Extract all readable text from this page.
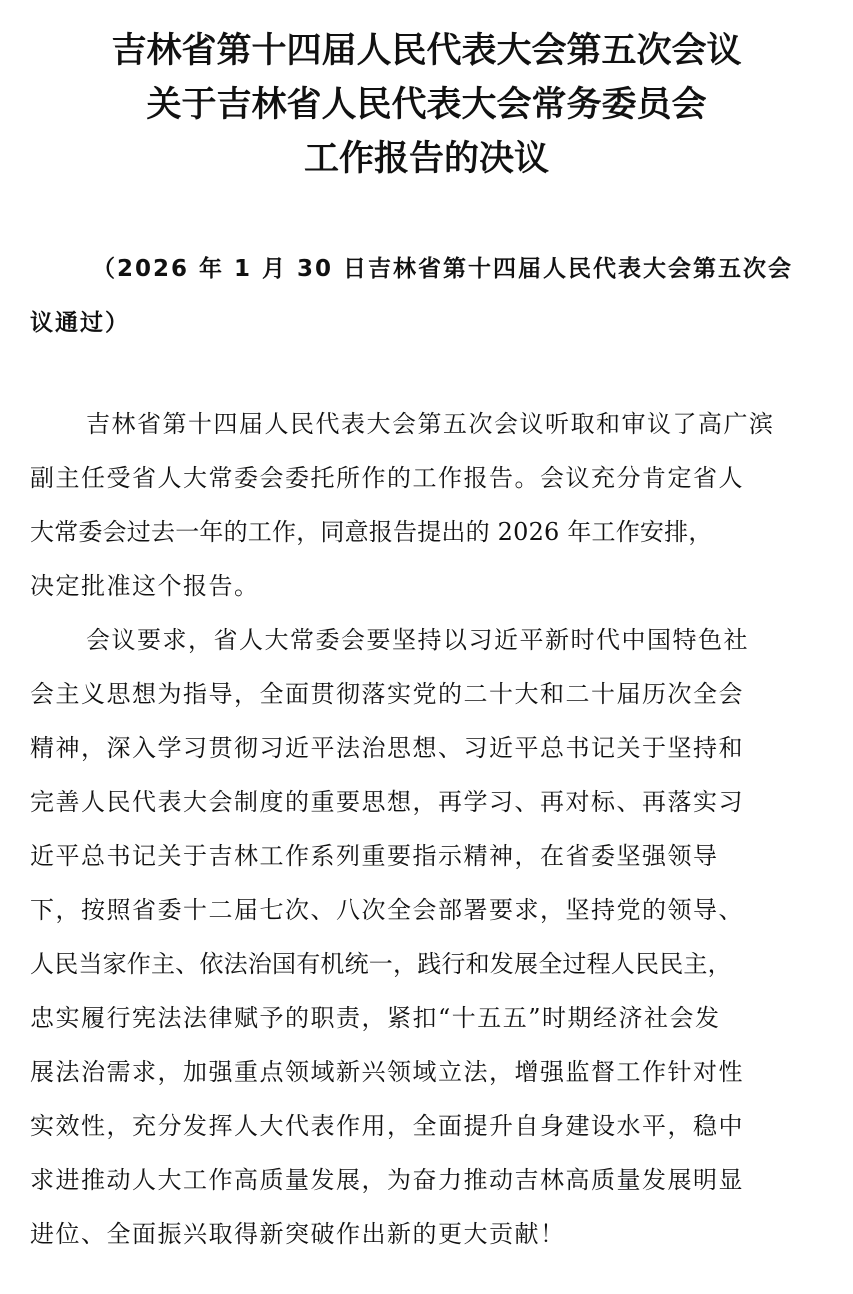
吉林省第十四届人民代表大会第五次会议
关于吉林省人民代表大会常务委员会
工作报告的决议

（2026 年 1 月 30 日吉林省第十四届人民代表大会第五次会
议通过）

吉林省第十四届人民代表大会第五次会议听取和审议了高广滨
副主任受省人大常委会委托所作的工作报告。会议充分肯定省人
大常委会过去一年的工作，同意报告提出的 2026 年工作安排，
决定批准这个报告。

会议要求，省人大常委会要坚持以习近平新时代中国特色社
会主义思想为指导，全面贯彻落实党的二十大和二十届历次全会
精神，深入学习贯彻习近平法治思想、习近平总书记关于坚持和
完善人民代表大会制度的重要思想，再学习、再对标、再落实习
近平总书记关于吉林工作系列重要指示精神，在省委坚强领导
下，按照省委十二届七次、八次全会部署要求，坚持党的领导、
人民当家作主、依法治国有机统一，践行和发展全过程人民民主，
忠实履行宪法法律赋予的职责，紧扣“十五五”时期经济社会发
展法治需求，加强重点领域新兴领域立法，增强监督工作针对性
实效性，充分发挥人大代表作用，全面提升自身建设水平，稳中
求进推动人大工作高质量发展，为奋力推动吉林高质量发展明显
进位、全面振兴取得新突破作出新的更大贡献！
